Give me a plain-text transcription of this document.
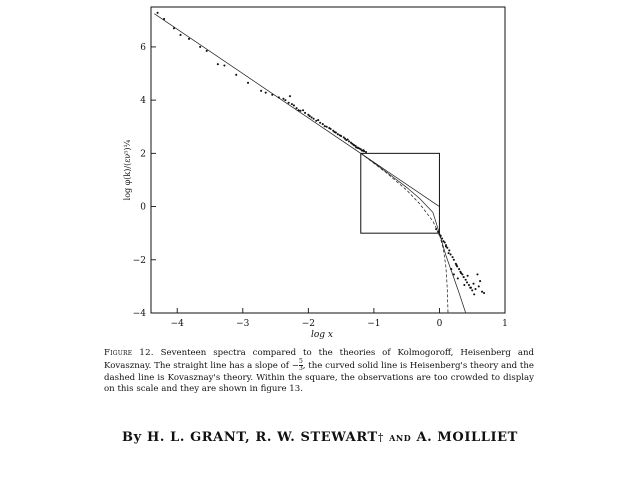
−4	−3	−2	−1	0	1
−4
−2
0
2
4
6
log x
log φ(k)/(εν⁵)¼
Figure 12. Seventeen spectra compared to the theories of Kolmogoroff, Heisenberg and Kovasznay. The straight line has a slope of − $\frac{5}{3}$ , the curved solid line is Heisenberg's theory and the dashed line is Kovasznay's theory. Within the square, the observations are too crowded to display on this scale and they are shown in figure 13.
By H. L. GRANT, R. W. STEWART† and A. MOILLIET
